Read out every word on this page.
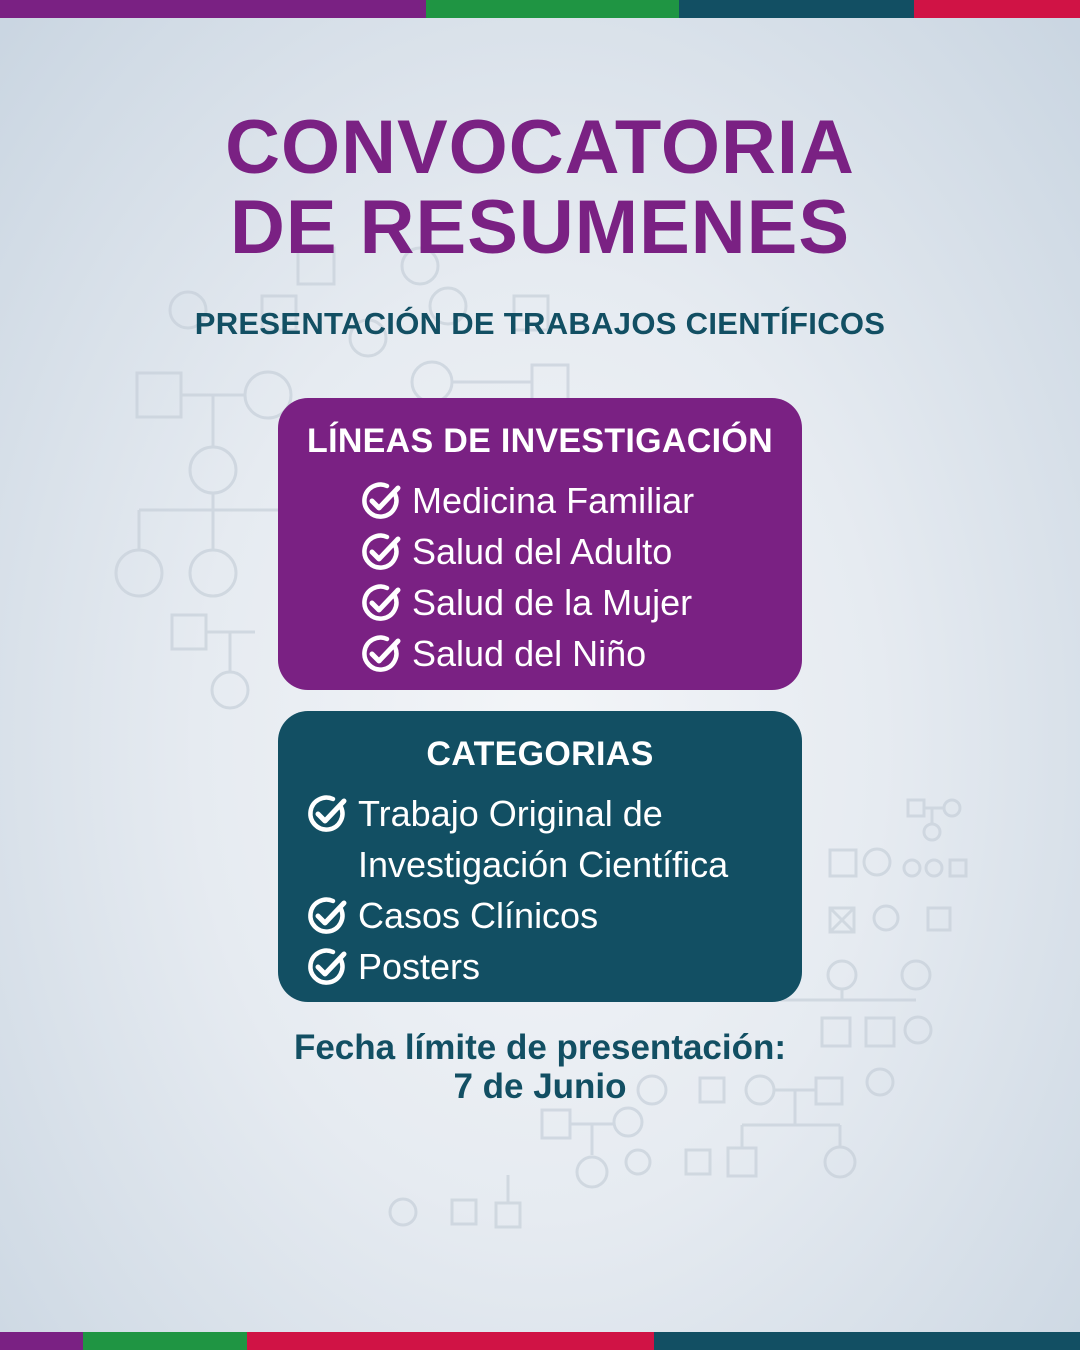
CONVOCATORIA
DE RESUMENES
PRESENTACIÓN DE TRABAJOS CIENTÍFICOS
LÍNEAS DE INVESTIGACIÓN
Medicina Familiar
Salud del Adulto
Salud de la Mujer
Salud del Niño
CATEGORIAS
Trabajo Original de
Investigación Científica
Casos Clínicos
Posters
Fecha límite de presentación:
7 de Junio
